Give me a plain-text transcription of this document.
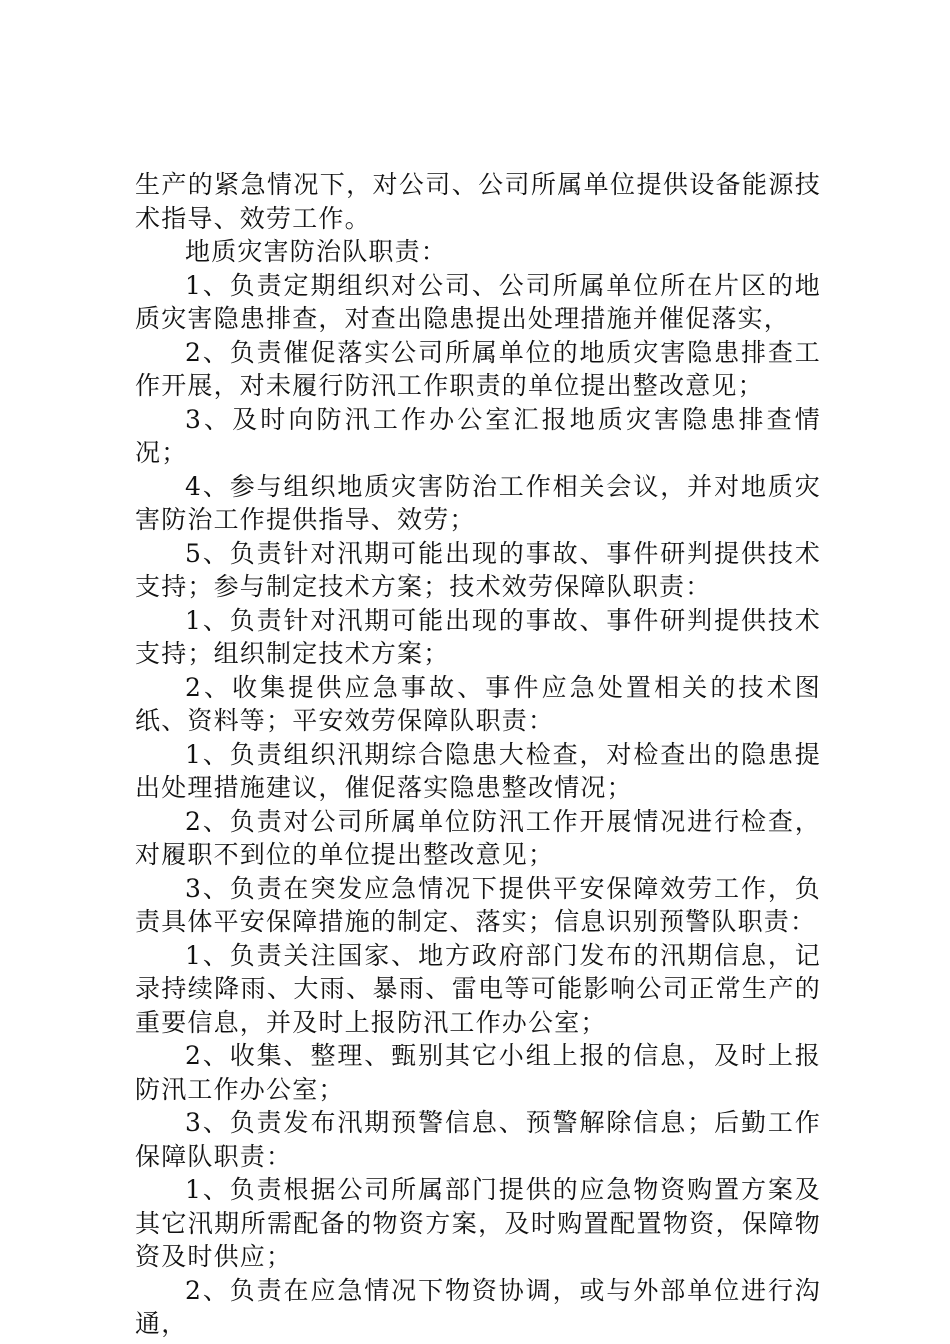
生产的紧急情况下，对公司、公司所属单位提供设备能源技术指导、效劳工作。

地质灾害防治队职责：

1、负责定期组织对公司、公司所属单位所在片区的地质灾害隐患排查，对查出隐患提出处理措施并催促落实，

2、负责催促落实公司所属单位的地质灾害隐患排查工作开展，对未履行防汛工作职责的单位提出整改意见；

3、及时向防汛工作办公室汇报地质灾害隐患排查情况；

4、参与组织地质灾害防治工作相关会议，并对地质灾害防治工作提供指导、效劳；

5、负责针对汛期可能出现的事故、事件研判提供技术支持；参与制定技术方案；技术效劳保障队职责：

1、负责针对汛期可能出现的事故、事件研判提供技术支持；组织制定技术方案；

2、收集提供应急事故、事件应急处置相关的技术图纸、资料等；平安效劳保障队职责：

1、负责组织汛期综合隐患大检查，对检查出的隐患提出处理措施建议，催促落实隐患整改情况；

2、负责对公司所属单位防汛工作开展情况进行检查，对履职不到位的单位提出整改意见；

3、负责在突发应急情况下提供平安保障效劳工作，负责具体平安保障措施的制定、落实；信息识别预警队职责：

1、负责关注国家、地方政府部门发布的汛期信息，记录持续降雨、大雨、暴雨、雷电等可能影响公司正常生产的重要信息，并及时上报防汛工作办公室；

2、收集、整理、甄别其它小组上报的信息，及时上报防汛工作办公室；

3、负责发布汛期预警信息、预警解除信息；后勤工作保障队职责：

1、负责根据公司所属部门提供的应急物资购置方案及其它汛期所需配备的物资方案，及时购置配置物资，保障物资及时供应；

2、负责在应急情况下物资协调，或与外部单位进行沟通，
